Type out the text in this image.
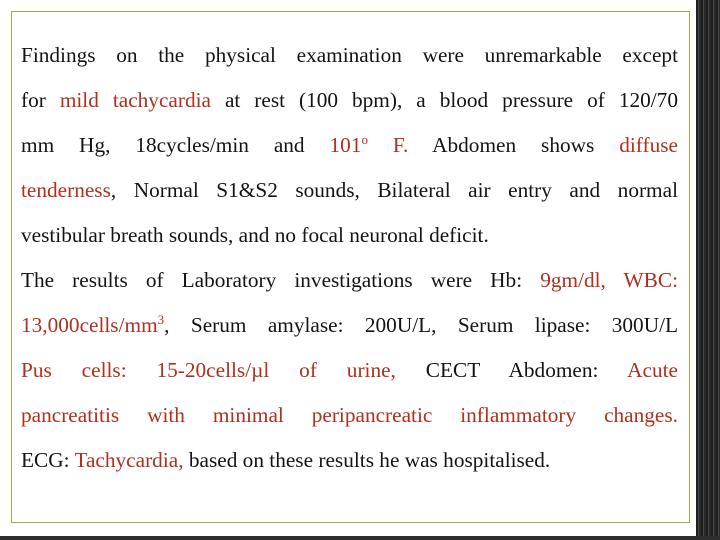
Findings on the physical examination were unremarkable except
for mild tachycardia at rest (100 bpm), a blood pressure of 120/70
mm Hg, 18cycles/min and 101$^o$ F. Abdomen shows diffuse
tenderness, Normal S1&S2 sounds, Bilateral air entry and normal
vestibular breath sounds, and no focal neuronal deficit.
The results of Laboratory investigations were Hb: 9gm/dl, WBC:
$13,000cells/mm^3$, Serum amylase: 200U/L, Serum lipase: 300U/L
Pus cells: 15-20cells/µl of urine, CECT Abdomen: Acute
pancreatitis with minimal peripancreatic inflammatory changes.
ECG: Tachycardia, based on these results he was hospitalised.
